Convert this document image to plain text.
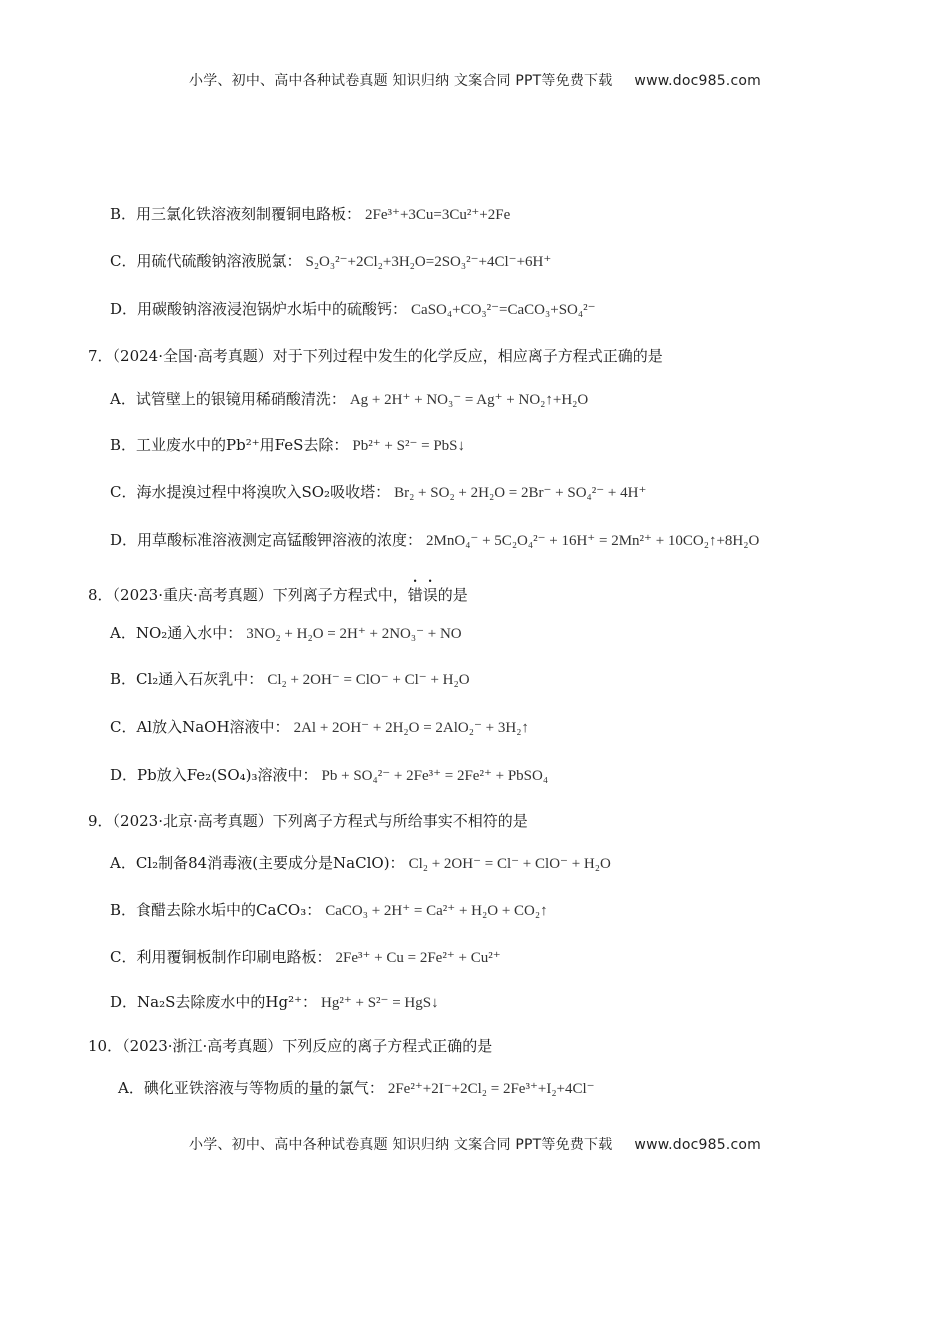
小学、初中、高中各种试卷真题 知识归纳 文案合同 PPT等免费下载 www.doc985.com
B．用三氯化铁溶液刻制覆铜电路板： 2Fe³⁺+3Cu=3Cu²⁺+2Fe
C．用硫代硫酸钠溶液脱氯： S₂O₃²⁻+2Cl₂+3H₂O=2SO₃²⁻+4Cl⁻+6H⁺
D．用碳酸钠溶液浸泡锅炉水垢中的硫酸钙： CaSO₄+CO₃²⁻=CaCO₃+SO₄²⁻
7．（2024·全国·高考真题）对于下列过程中发生的化学反应，相应离子方程式正确的是
A．试管壁上的银镜用稀硝酸清洗： Ag + 2H⁺ + NO₃⁻ = Ag⁺ + NO₂↑+H₂O
B．工业废水中的Pb²⁺用FeS去除： Pb²⁺ + S²⁻ = PbS↓
C．海水提溴过程中将溴吹入SO₂吸收塔： Br₂ + SO₂ + 2H₂O = 2Br⁻ + SO₄²⁻ + 4H⁺
D．用草酸标准溶液测定高锰酸钾溶液的浓度： 2MnO₄⁻ + 5C₂O₄²⁻ + 16H⁺ = 2Mn²⁺ + 10CO₂↑+8H₂O
8．（2023·重庆·高考真题）下列离子方程式中，错误的是
A．NO₂通入水中： 3NO₂ + H₂O = 2H⁺ + 2NO₃⁻ + NO
B．Cl₂通入石灰乳中： Cl₂ + 2OH⁻ = ClO⁻ + Cl⁻ + H₂O
C．Al放入NaOH溶液中： 2Al + 2OH⁻ + 2H₂O = 2AlO₂⁻ + 3H₂↑
D．Pb放入Fe₂(SO₄)₃溶液中： Pb + SO₄²⁻ + 2Fe³⁺ = 2Fe²⁺ + PbSO₄
9．（2023·北京·高考真题）下列离子方程式与所给事实不相符的是
A．Cl₂制备84消毒液(主要成分是NaClO)： Cl₂ + 2OH⁻ = Cl⁻ + ClO⁻ + H₂O
B．食醋去除水垢中的CaCO₃： CaCO₃ + 2H⁺ = Ca²⁺ + H₂O + CO₂↑
C．利用覆铜板制作印刷电路板： 2Fe³⁺ + Cu = 2Fe²⁺ + Cu²⁺
D．Na₂S去除废水中的Hg²⁺： Hg²⁺ + S²⁻ = HgS↓
10．（2023·浙江·高考真题）下列反应的离子方程式正确的是
A．碘化亚铁溶液与等物质的量的氯气： 2Fe²⁺+2I⁻+2Cl₂ = 2Fe³⁺+I₂+4Cl⁻
小学、初中、高中各种试卷真题 知识归纳 文案合同 PPT等免费下载 www.doc985.com
